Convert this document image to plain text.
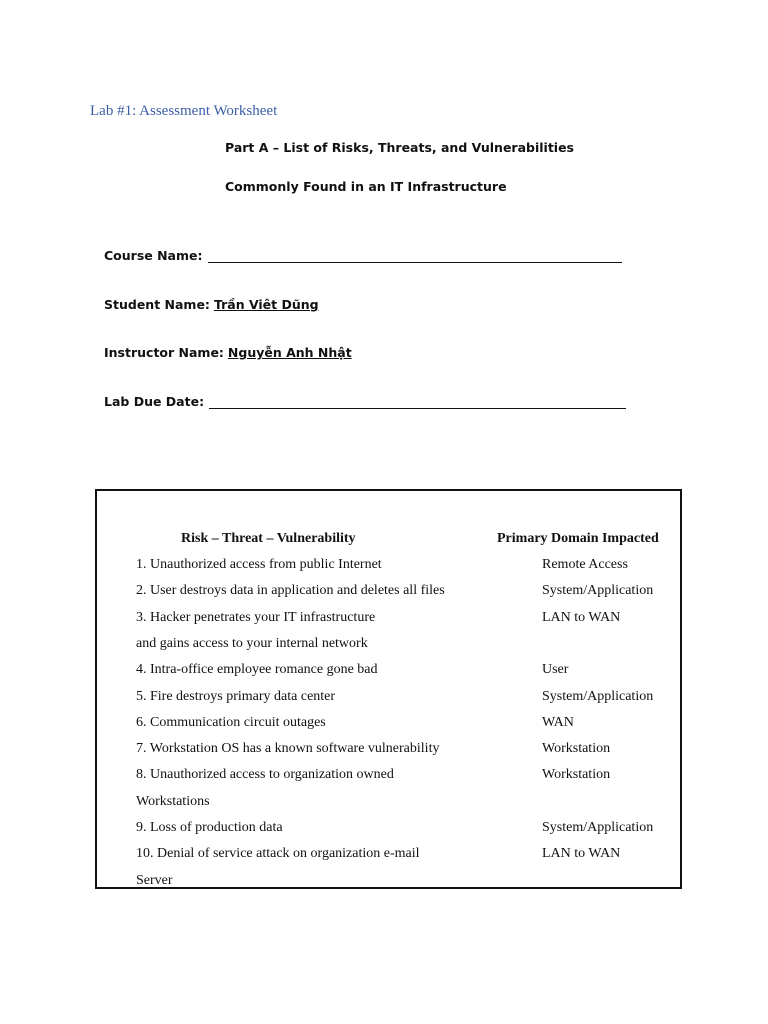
Lab #1: Assessment Worksheet
Part A – List of Risks, Threats, and Vulnerabilities
Commonly Found in an IT Infrastructure
Course Name:
Student Name: Trần Viêt Dũng
Instructor Name: Nguyễn Anh Nhật
Lab Due Date:
Risk – Threat – Vulnerability	Primary Domain Impacted
1. Unauthorized access from public Internet	Remote Access
2. User destroys data in application and deletes all files	System/Application
3. Hacker penetrates your IT infrastructure	LAN to WAN
and gains access to your internal network
4. Intra-office employee romance gone bad	User
5. Fire destroys primary data center	System/Application
6. Communication circuit outages	WAN
7. Workstation OS has a known software vulnerability	Workstation
8. Unauthorized access to organization owned	Workstation
Workstations
9. Loss of production data	System/Application
10. Denial of service attack on organization e-mail	LAN to WAN
Server
